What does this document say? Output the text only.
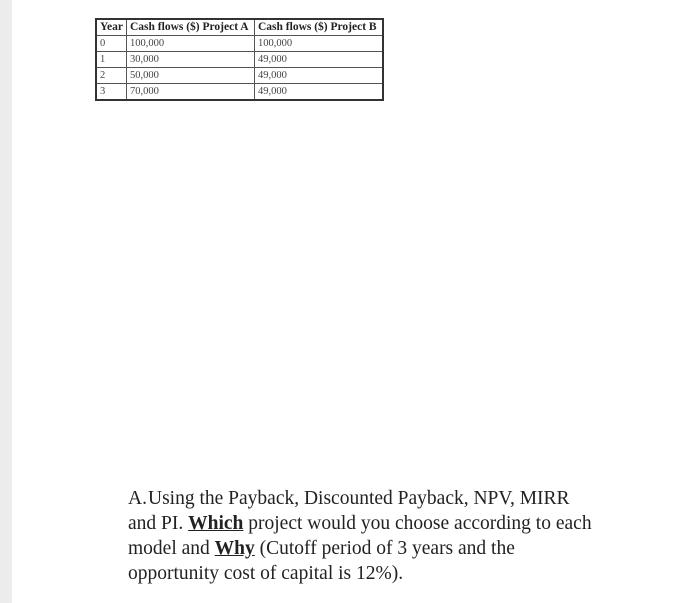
Year	Cash flows ($) Project A	Cash flows ($) Project B
0	100,000	100,000
1	30,000	49,000
2	50,000	49,000
3	70,000	49,000
A.Using the Payback, Discounted Payback, NPV, MIRR and PI. Which project would you choose according to each model and Why (Cutoff period of 3 years and the opportunity cost of capital is 12%).
